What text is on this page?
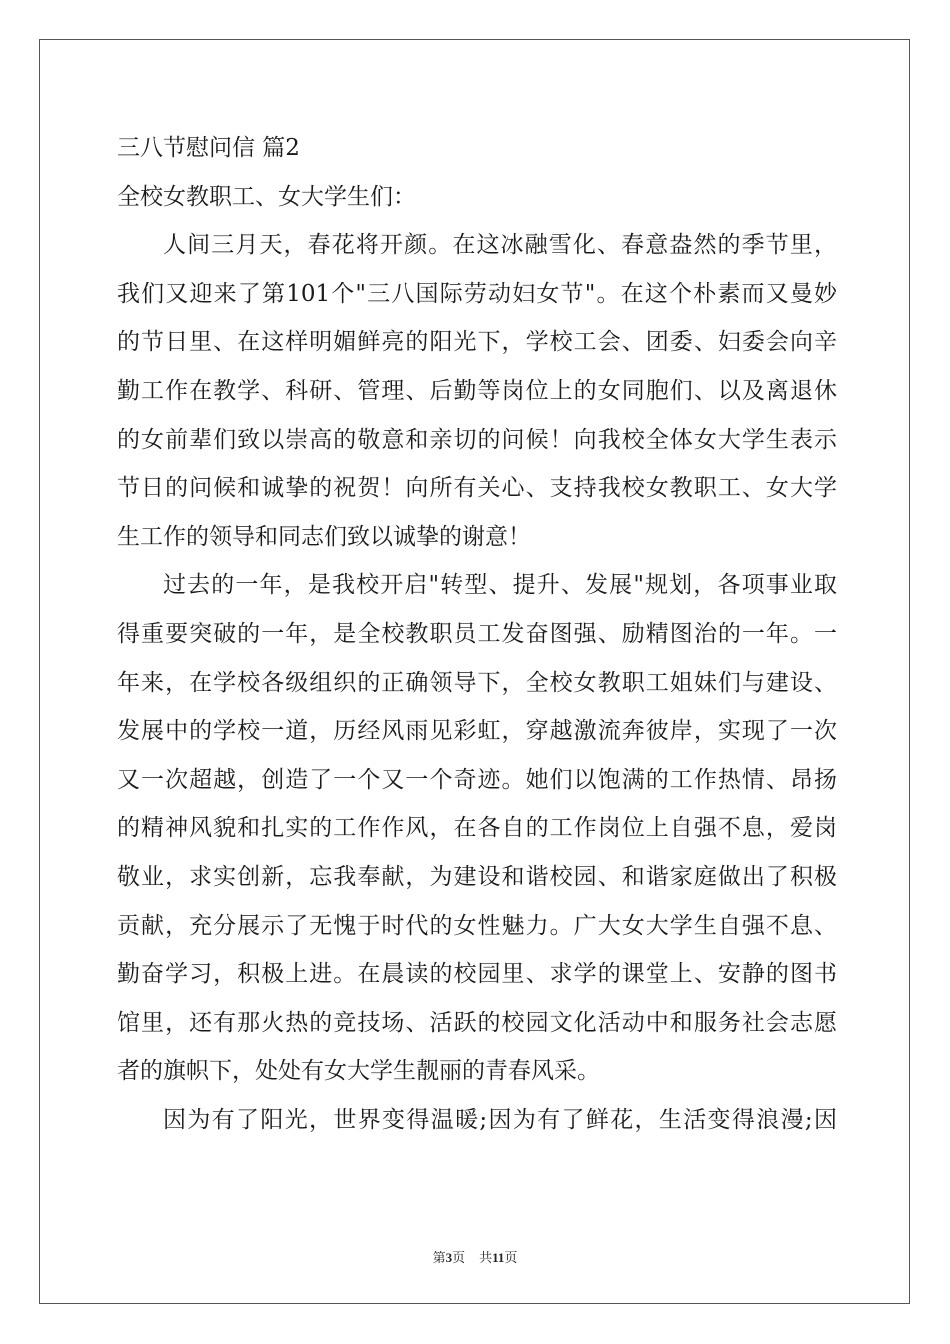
三八节慰问信 篇2
全校女教职工、女大学生们：
人间三月天，春花将开颜。在这冰融雪化、春意盎然的季节里，
我们又迎来了第101个"三八国际劳动妇女节"。在这个朴素而又曼妙
的节日里、在这样明媚鲜亮的阳光下，学校工会、团委、妇委会向辛
勤工作在教学、科研、管理、后勤等岗位上的女同胞们、以及离退休
的女前辈们致以崇高的敬意和亲切的问候！向我校全体女大学生表示
节日的问候和诚挚的祝贺！向所有关心、支持我校女教职工、女大学
生工作的领导和同志们致以诚挚的谢意！
过去的一年，是我校开启"转型、提升、发展"规划，各项事业取
得重要突破的一年，是全校教职员工发奋图强、励精图治的一年。一
年来，在学校各级组织的正确领导下，全校女教职工姐妹们与建设、
发展中的学校一道，历经风雨见彩虹，穿越激流奔彼岸，实现了一次
又一次超越，创造了一个又一个奇迹。她们以饱满的工作热情、昂扬
的精神风貌和扎实的工作作风，在各自的工作岗位上自强不息，爱岗
敬业，求实创新，忘我奉献，为建设和谐校园、和谐家庭做出了积极
贡献，充分展示了无愧于时代的女性魅力。广大女大学生自强不息、
勤奋学习，积极上进。在晨读的校园里、求学的课堂上、安静的图书
馆里，还有那火热的竞技场、活跃的校园文化活动中和服务社会志愿
者的旗帜下，处处有女大学生靓丽的青春风采。
因为有了阳光，世界变得温暖;因为有了鲜花，生活变得浪漫;因
第3页 共11页
